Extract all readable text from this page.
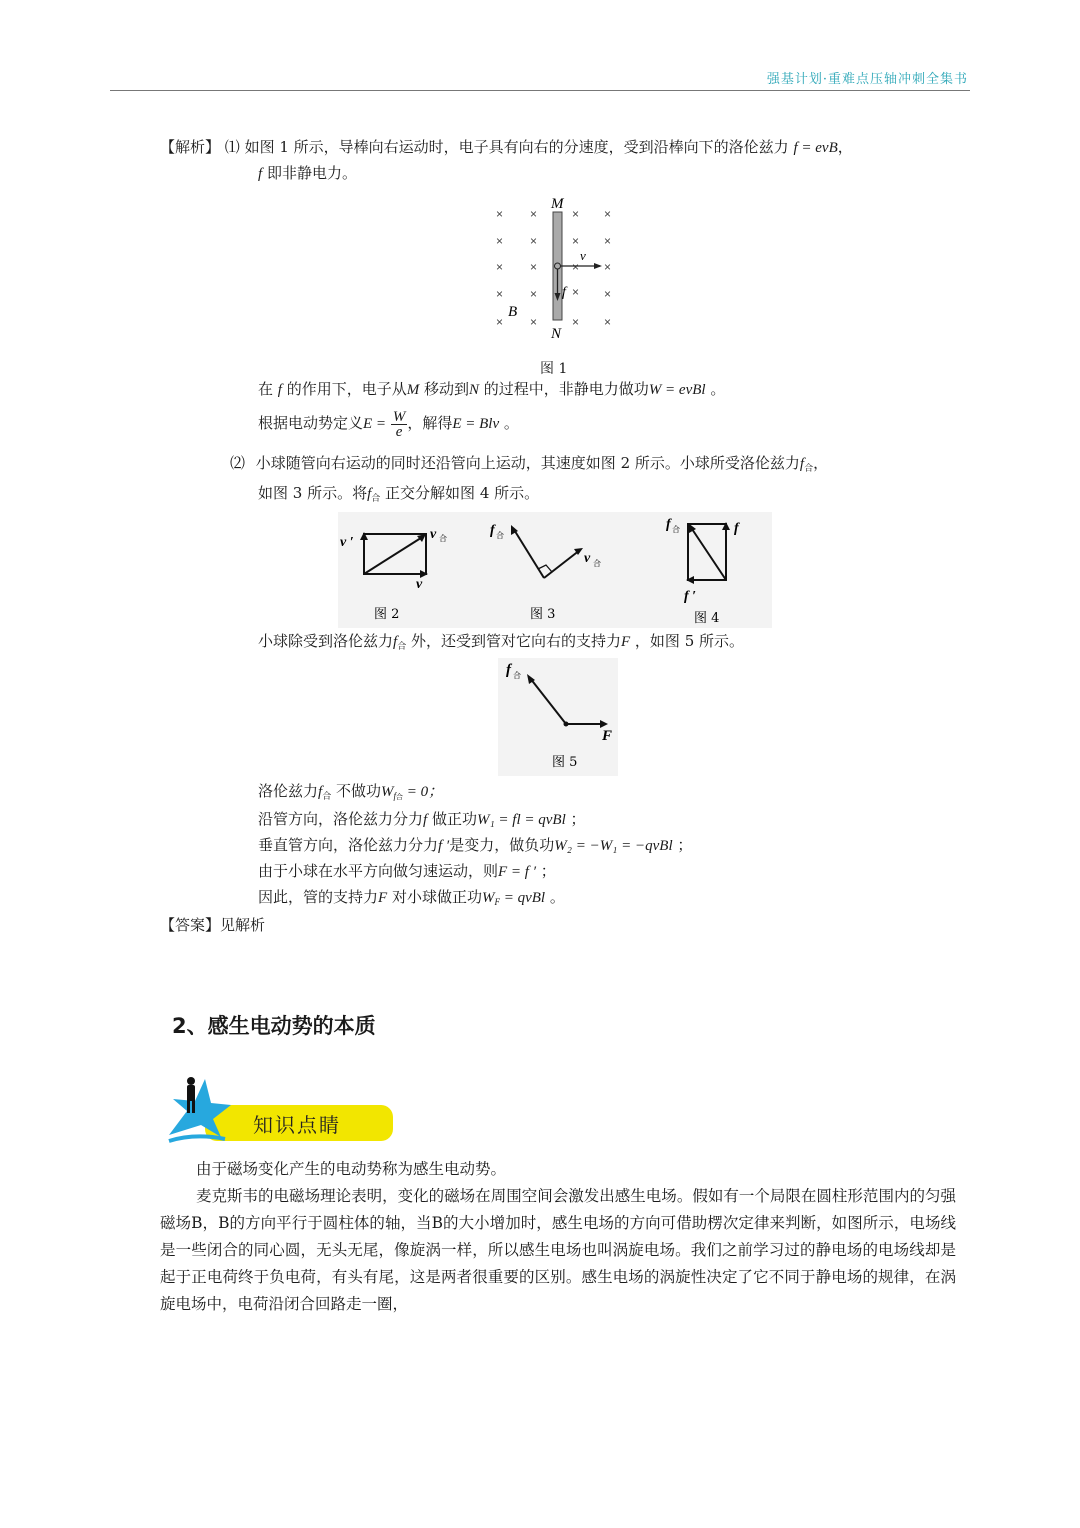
强基计划·重难点压轴冲刺全集书
【解析】 ⑴ 如图 1 所示，导棒向右运动时，电子具有向右的分速度，受到沿棒向下的洛伦兹力 f = evB，
f 即非静电力。
× ×	× ×
× ×	× ×
× ×	× ×
× ×	× ×
× ×	× ×
M
N
B
v
f
图 1
在 f 的作用下，电子从M 移动到N 的过程中，非静电力做功W = evBl 。
根据电动势定义$E = \frac{W}{e}$ ，解得E = Blv 。
⑵ 小球随管向右运动的同时还沿管向上运动，其速度如图 2 所示。小球所受洛伦兹力$f_合$，
如图 3 所示。将$f_合$ 正交分解如图 4 所示。
v ′
v 合
v
图 2
f 合
v 合
图 3
f 合	f
f ′
图 4
小球除受到洛伦兹力$f_合$ 外，还受到管对它向右的支持力F ，如图 5 所示。
f 合
F
图 5
洛伦兹力$f_合$ 不做功$W_{f合} = 0$；
沿管方向，洛伦兹力分力f 做正功W₁ = fl = qvBl ；
垂直管方向，洛伦兹力分力f ′是变力，做负功W₂ = −W₁ = −qvBl ；
由于小球在水平方向做匀速运动，则F = f ′ ；
因此，管的支持力F 对小球做正功$W_F$ = qvBl 。
【答案】见解析
2、感生电动势的本质
知识点睛
由于磁场变化产生的电动势称为感生电动势。
麦克斯韦的电磁场理论表明，变化的磁场在周围空间会激发出感生电场。假如有一个局限在圆柱形范围内的匀强磁场B，B的方向平行于圆柱体的轴，当B的大小增加时，感生电场的方向可借助楞次定律来判断，如图所示，电场线是一些闭合的同心圆，无头无尾，像旋涡一样，所以感生电场也叫涡旋电场。我们之前学习过的静电场的电场线却是起于正电荷终于负电荷，有头有尾，这是两者很重要的区别。感生电场的涡旋性决定了它不同于静电场的规律，在涡旋电场中，电荷沿闭合回路走一圈，
